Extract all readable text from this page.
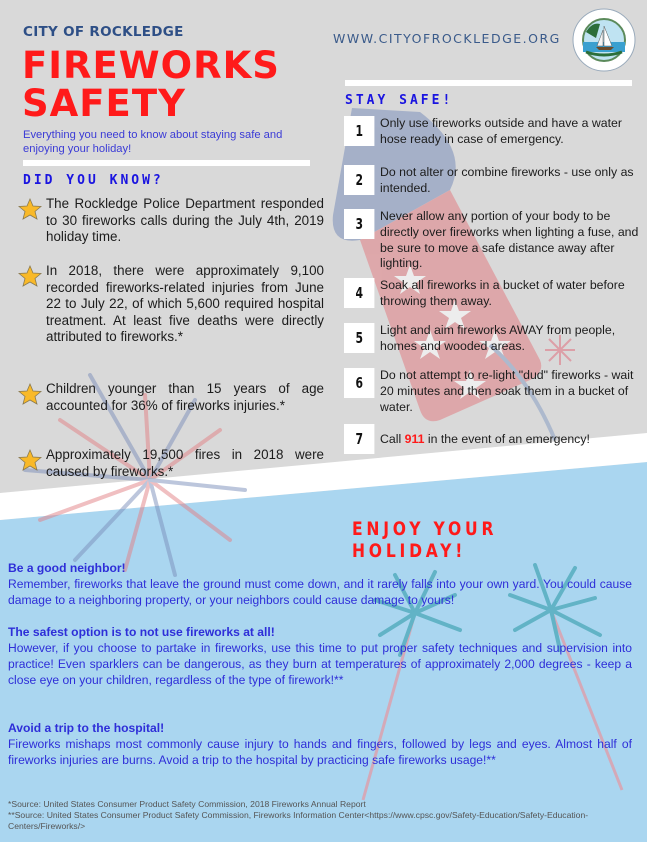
CITY OF ROCKLEDGE
FIREWORKS
SAFETY
Everything you need to know about staying safe and enjoying your holiday!
WWW.CITYOFROCKLEDGE.ORG
DID YOU KNOW?
The Rockledge Police Department responded to 30 fireworks calls during the July 4th, 2019 holiday time.
In 2018, there were approximately 9,100 recorded fireworks-related injuries from June 22 to July 22, of which 5,600 required hospital treatment. At least five deaths were directly attributed to fireworks.*
Children younger than 15 years of age accounted for 36% of fireworks injuries.*
Approximately 19,500 fires in 2018 were caused by fireworks.*
STAY SAFE!
1	Only use fireworks outside and have a water hose ready in case of emergency.
2	Do not alter or combine fireworks - use only as intended.
3	Never allow any portion of your body to be directly over fireworks when lighting a fuse, and be sure to move a safe distance away after lighting.
4	Soak all fireworks in a bucket of water before throwing them away.
5	Light and aim fireworks AWAY from people, homes and wooded areas.
6	Do not attempt to re-light "dud" fireworks - wait 20 minutes and then soak them in a bucket of water.
7	Call 911 in the event of an emergency!
ENJOY YOUR HOLIDAY!
Be a good neighbor!
Remember, fireworks that leave the ground must come down, and it rarely falls into your own yard. You could cause damage to a neighboring property, or your neighbors could cause damage to yours!
The safest option is to not use fireworks at all!
However, if you choose to partake in fireworks, use this time to put proper safety techniques and supervision into practice! Even sparklers can be dangerous, as they burn at temperatures of approximately 2,000 degrees - keep a close eye on your children, regardless of the type of firework!**
Avoid a trip to the hospital!
Fireworks mishaps most commonly cause injury to hands and fingers, followed by legs and eyes. Almost half of fireworks injuries are burns. Avoid a trip to the hospital by practicing safe fireworks usage!**
*Source: United States Consumer Product Safety Commission, 2018 Fireworks Annual Report
**Source: United States Consumer Product Safety Commission, Fireworks Information Center<https://www.cpsc.gov/Safety-Education/Safety-Education-Centers/Fireworks/>
